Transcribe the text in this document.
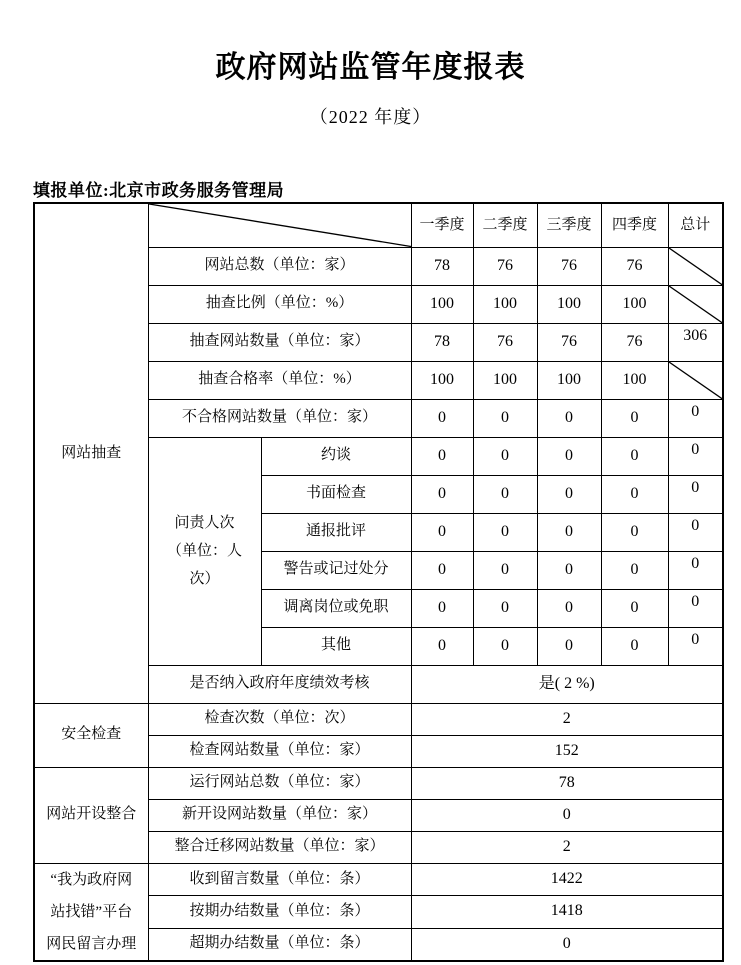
政府网站监管年度报表
（2022 年度）
填报单位:北京市政务服务管理局
网站抽查			一季度	二季度	三季度	四季度	总计
	网站总数（单位：家）		78	76	76	76	

	抽查比例（单位：%）		100	100	100	100	

	抽查网站数量（单位：家）		78	76	76	76	306
	抽查合格率（单位：%）		100	100	100	100	

	不合格网站数量（单位：家）		0	0	0	0	0

	问责人次
（单位：人
次）	约谈	0	0	0	0	0
		书面检查	0	0	0	0	0
		通报批评	0	0	0	0	0
		警告或记过处分	0	0	0	0	0
		调离岗位或免职	0	0	0	0	0
		其他	0	0	0	0	0
	是否纳入政府年度绩效考核		是( 2 %)				
安全检查	检查次数（单位：次）		2				
	检查网站数量（单位：家）		152				
网站开设整合	运行网站总数（单位：家）		78				
	新开设网站数量（单位：家）		0				
	整合迁移网站数量（单位：家）		2				

“我为政府网
站找错”平台
网民留言办理	收到留言数量（单位：条）		1422				
	按期办结数量（单位：条）		1418				
	超期办结数量（单位：条）		0				
